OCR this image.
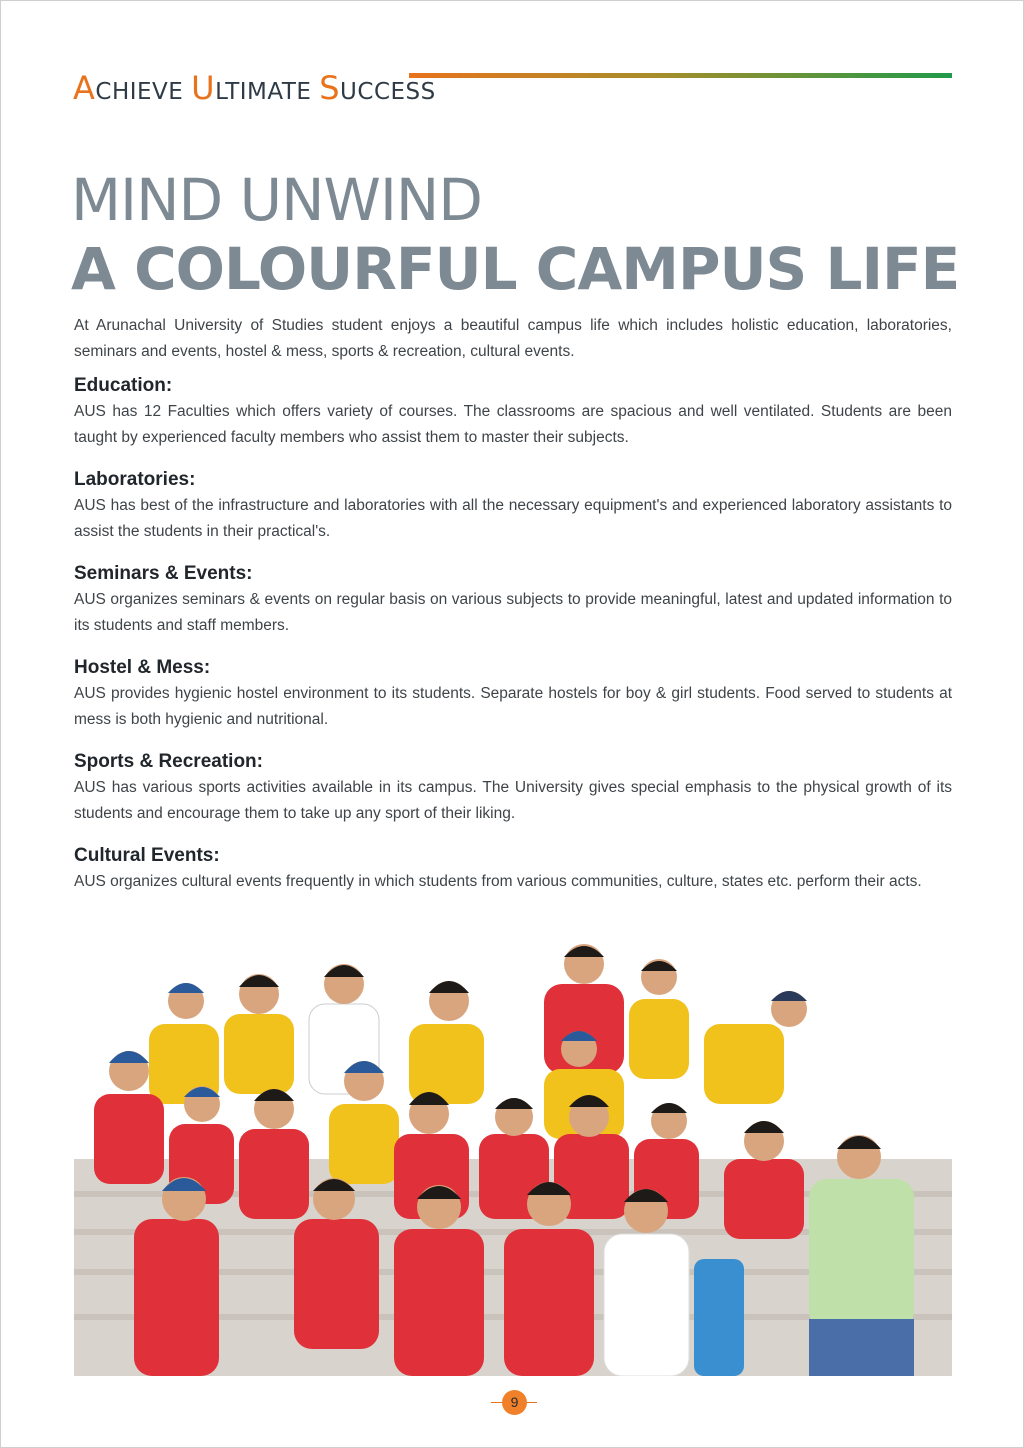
ACHIEVE ULTIMATE SUCCESS
MIND UNWIND
A COLOURFUL CAMPUS LIFE

At Arunachal University of Studies student enjoys a beautiful campus life which includes holistic education, laboratories, seminars and events, hostel & mess, sports & recreation, cultural events.

Education:

AUS has 12 Faculties which offers variety of courses. The classrooms are spacious and well ventilated. Students are been taught by experienced faculty members who assist them to master their subjects.

Laboratories:

AUS has best of the infrastructure and laboratories with all the necessary equipment's and experienced laboratory assistants to assist the students in their practical's.

Seminars & Events:

AUS organizes seminars & events on regular basis on various subjects to provide meaningful, latest and updated information to its students and staff members.

Hostel & Mess:

AUS provides hygienic hostel environment to its students. Separate hostels for boy & girl students. Food served to students at mess is both hygienic and nutritional.

Sports & Recreation:

AUS has various sports activities available in its campus. The University gives special emphasis to the physical growth of its students and encourage them to take up any sport of their liking.

Cultural Events:

AUS organizes cultural events frequently in which students from various communities, culture, states etc. perform their acts.

9
